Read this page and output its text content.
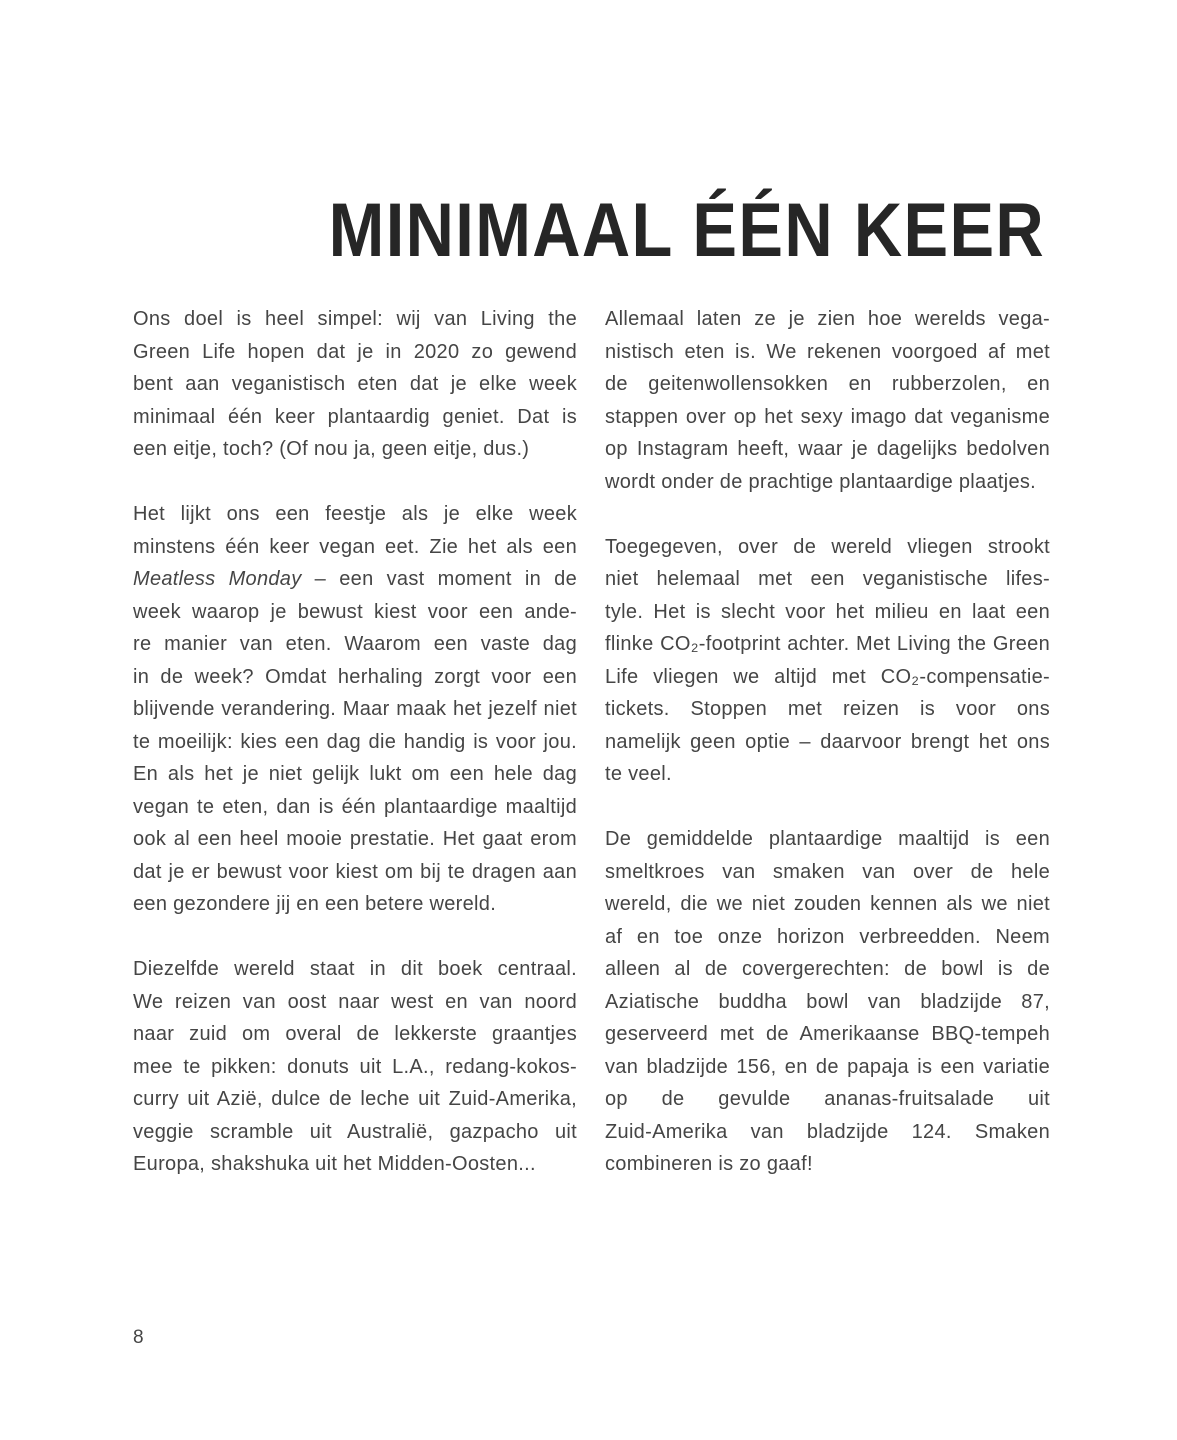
MINIMAAL ÉÉN KEER
Ons doel is heel simpel: wij van Living the
Green Life hopen dat je in 2020 zo gewend
bent aan veganistisch eten dat je elke week
minimaal één keer plantaardig geniet. Dat is
een eitje, toch? (Of nou ja, geen eitje, dus.)
Het lijkt ons een feestje als je elke week
minstens één keer vegan eet. Zie het als een
Meatless Monday – een vast moment in de
week waarop je bewust kiest voor een ande-
re manier van eten. Waarom een vaste dag
in de week? Omdat herhaling zorgt voor een
blijvende verandering. Maar maak het jezelf niet
te moeilijk: kies een dag die handig is voor jou.
En als het je niet gelijk lukt om een hele dag
vegan te eten, dan is één plantaardige maaltijd
ook al een heel mooie prestatie. Het gaat erom
dat je er bewust voor kiest om bij te dragen aan
een gezondere jij en een betere wereld.
Diezelfde wereld staat in dit boek centraal.
We reizen van oost naar west en van noord
naar zuid om overal de lekkerste graantjes
mee te pikken: donuts uit L.A., redang-kokos-
curry uit Azië, dulce de leche uit Zuid-Amerika,
veggie scramble uit Australië, gazpacho uit
Europa, shakshuka uit het Midden-Oosten...
Allemaal laten ze je zien hoe werelds vega-
nistisch eten is. We rekenen voorgoed af met
de geitenwollensokken en rubberzolen, en
stappen over op het sexy imago dat veganisme
op Instagram heeft, waar je dagelijks bedolven
wordt onder de prachtige plantaardige plaatjes.
Toegegeven, over de wereld vliegen strookt
niet helemaal met een veganistische lifes-
tyle. Het is slecht voor het milieu en laat een
flinke CO₂-footprint achter. Met Living the Green
Life vliegen we altijd met CO₂-compensatie-
tickets. Stoppen met reizen is voor ons
namelijk geen optie – daarvoor brengt het ons
te veel.
De gemiddelde plantaardige maaltijd is een
smeltkroes van smaken van over de hele
wereld, die we niet zouden kennen als we niet
af en toe onze horizon verbreedden. Neem
alleen al de covergerechten: de bowl is de
Aziatische buddha bowl van bladzijde 87,
geserveerd met de Amerikaanse BBQ-tempeh
van bladzijde 156, en de papaja is een variatie
op de gevulde ananas-fruitsalade uit
Zuid-Amerika van bladzijde 124. Smaken
combineren is zo gaaf!
8
